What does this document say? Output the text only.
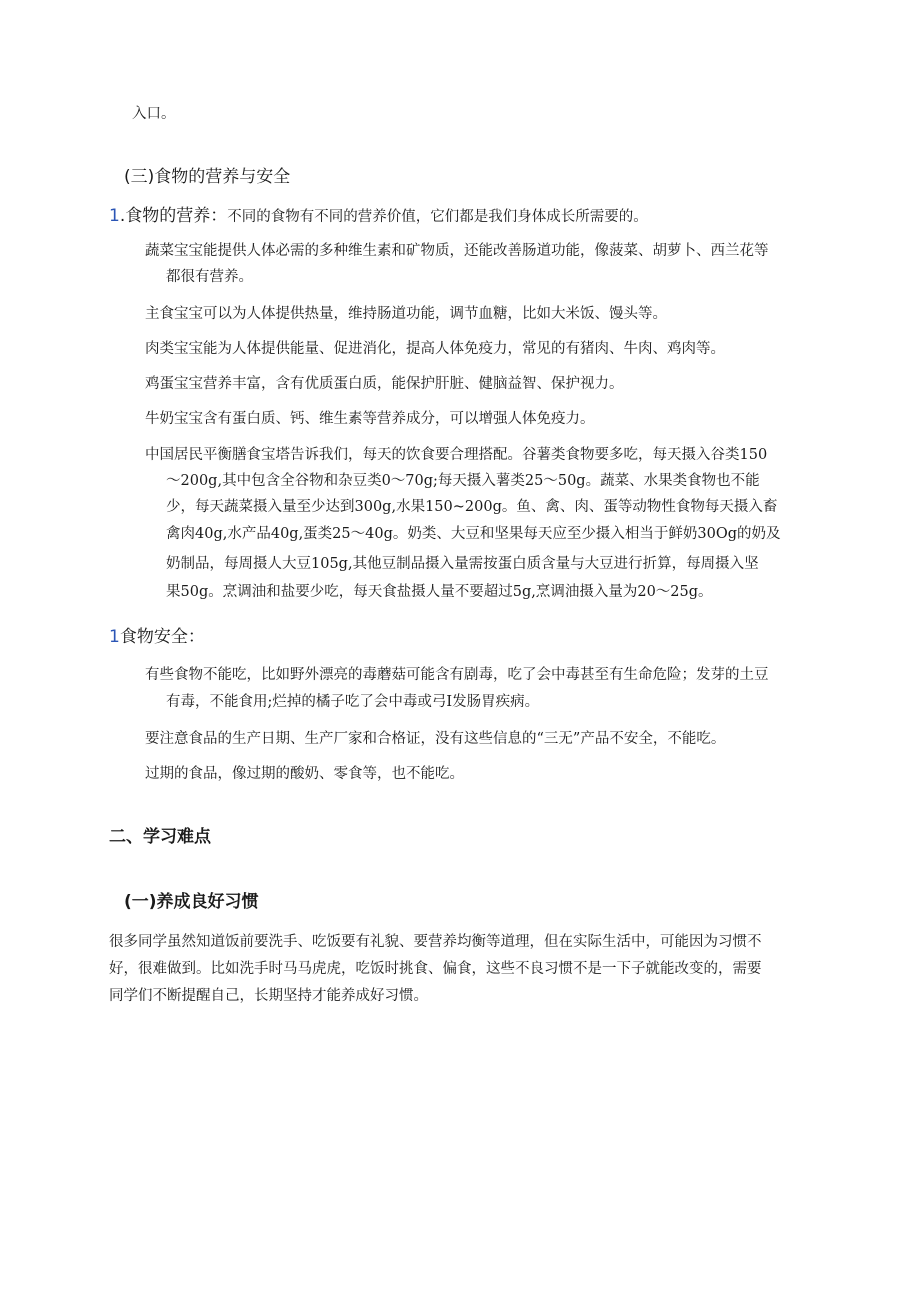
入口。
(三)食物的营养与安全
1.食物的营养：不同的食物有不同的营养价值，它们都是我们身体成长所需要的。
蔬菜宝宝能提供人体必需的多种维生素和矿物质，还能改善肠道功能，像菠菜、胡萝卜、西兰花等
都很有营养。
主食宝宝可以为人体提供热量，维持肠道功能，调节血糖，比如大米饭、馒头等。
肉类宝宝能为人体提供能量、促进消化，提高人体免疫力，常见的有猪肉、牛肉、鸡肉等。
鸡蛋宝宝营养丰富，含有优质蛋白质，能保护肝脏、健脑益智、保护视力。
牛奶宝宝含有蛋白质、钙、维生素等营养成分，可以增强人体免疫力。
中国居民平衡膳食宝塔告诉我们，每天的饮食要合理搭配。谷薯类食物要多吃，每天摄入谷类150
～200g,其中包含全谷物和杂豆类0～70g;每天摄入薯类25～50g。蔬菜、水果类食物也不能
少，每天蔬菜摄入量至少达到300g,水果150~200g。鱼、禽、肉、蛋等动物性食物每天摄入畜
禽肉40g,水产品40g,蛋类25～40g。奶类、大豆和坚果每天应至少摄入相当于鲜奶30Og的奶及
奶制品，每周摄人大豆105g,其他豆制品摄入量需按蛋白质含量与大豆进行折算，每周摄入坚
果50g。烹调油和盐要少吃，每天食盐摄人量不要超过5g,烹调油摄入量为20～25g。
1食物安全：
有些食物不能吃，比如野外漂亮的毒蘑菇可能含有剧毒，吃了会中毒甚至有生命危险；发芽的土豆
有毒，不能食用;烂掉的橘子吃了会中毒或弓I发肠胃疾病。
要注意食品的生产日期、生产厂家和合格证，没有这些信息的“三无”产品不安全，不能吃。
过期的食品，像过期的酸奶、零食等，也不能吃。
二、学习难点
(一)养成良好习惯
很多同学虽然知道饭前要洗手、吃饭要有礼貌、要营养均衡等道理，但在实际生活中，可能因为习惯不
好，很难做到。比如洗手时马马虎虎，吃饭时挑食、偏食，这些不良习惯不是一下子就能改变的，需要
同学们不断提醒自己，长期坚持才能养成好习惯。
